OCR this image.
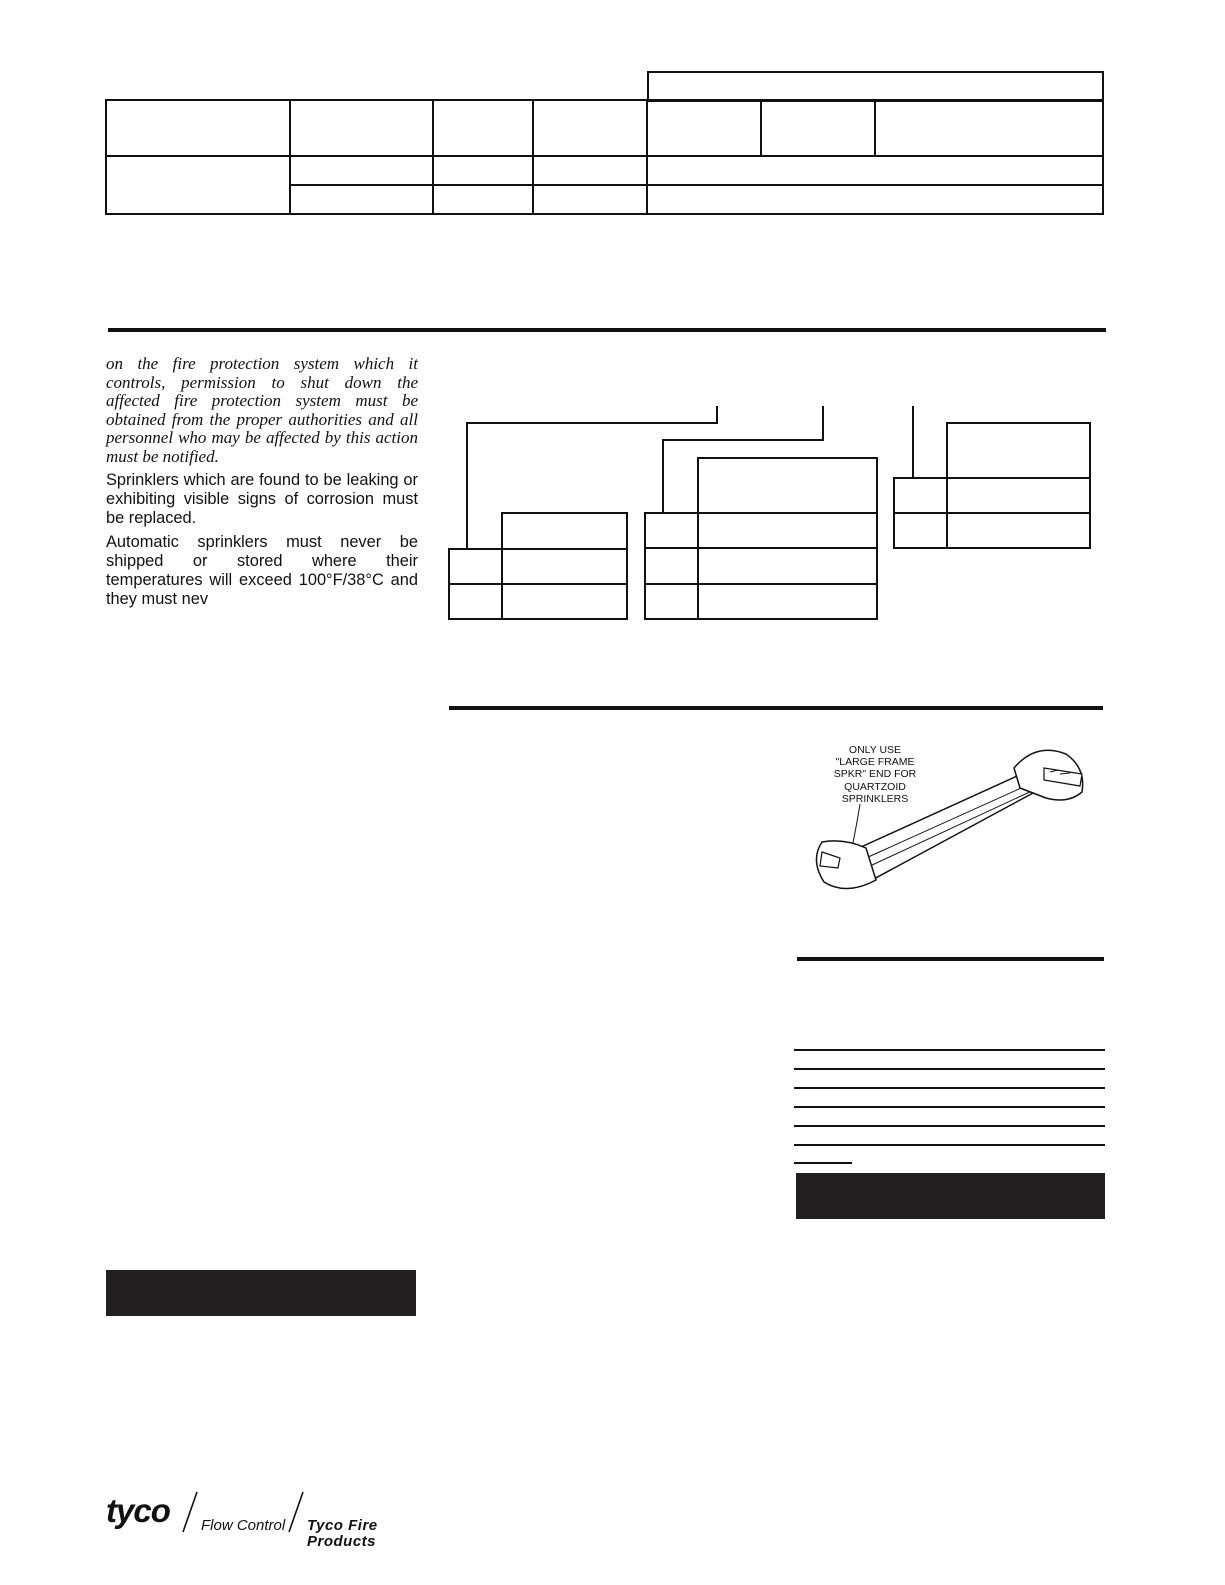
on the fire protection system which it controls, permission to shut down the affected fire protection system must be obtained from the proper authorities and all personnel who may be affected by this action must be notified.

Sprinklers which are found to be leaking or exhibiting visible signs of corrosion must be replaced.

Automatic sprinklers must never be shipped or stored where their temperatures will exceed 100°F/38°C and they must nev

ONLY USE
"LARGE FRAME
SPKR" END FOR
QUARTZOID
SPRINKLERS
tyco Flow Control Tyco Fire
Products
